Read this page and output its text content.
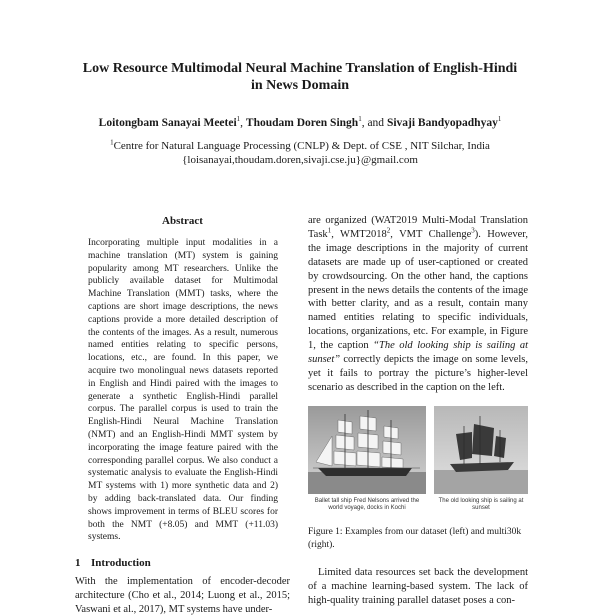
Low Resource Multimodal Neural Machine Translation of English-Hindi
in News Domain
Loitongbam Sanayai Meetei$^1$, Thoudam Doren Singh$^1$, and Sivaji Bandyopadhyay$^1$
$^1$Centre for Natural Language Processing (CNLP) & Dept. of CSE , NIT Silchar, India
{loisanayai,thoudam.doren,sivaji.cse.ju}@gmail.com
Abstract
Incorporating multiple input modalities in a machine translation (MT) system is gaining popularity among MT researchers. Unlike the publicly available dataset for Multimodal Machine Translation (MMT) tasks, where the captions are short image descriptions, the news captions provide a more detailed description of the contents of the images. As a result, numerous named entities relating to specific persons, locations, etc., are found. In this paper, we acquire two monolingual news datasets reported in English and Hindi paired with the images to generate a synthetic English-Hindi parallel corpus. The parallel corpus is used to train the English-Hindi Neural Machine Translation (NMT) and an English-Hindi MMT system by incorporating the image feature paired with the corresponding parallel corpus. We also conduct a systematic analysis to evaluate the English-Hindi MT systems with 1) more synthetic data and 2) by adding back-translated data. Our finding shows improvement in terms of BLEU scores for both the NMT (+8.05) and MMT (+11.03) systems.
1 Introduction
With the implementation of encoder-decoder architecture (Cho et al., 2014; Luong et al., 2015; Vaswani et al., 2017), MT systems have under-
are organized (WAT2019 Multi-Modal Translation Task$^1$, WMT2018$^2$, VMT Challenge$^3$). However, the image descriptions in the majority of current datasets are made up of user-captioned or created by crowdsourcing. On the other hand, the captions present in the news details the contents of the image with better clarity, and as a result, contain many named entities relating to specific individuals, locations, organizations, etc. For example, in Figure 1, the caption “The old looking ship is sailing at sunset” correctly depicts the image on some levels, yet it fails to portray the picture’s higher-level scenario as described in the caption on the left.
Ballet tall ship Fred Nelsons arrived the world voyage, docks in Kochi
The old looking ship is sailing at sunset
Figure 1: Examples from our dataset (left) and multi30k (right).
Limited data resources set back the development of a machine learning-based system. The lack of high-quality training parallel dataset poses a con-
